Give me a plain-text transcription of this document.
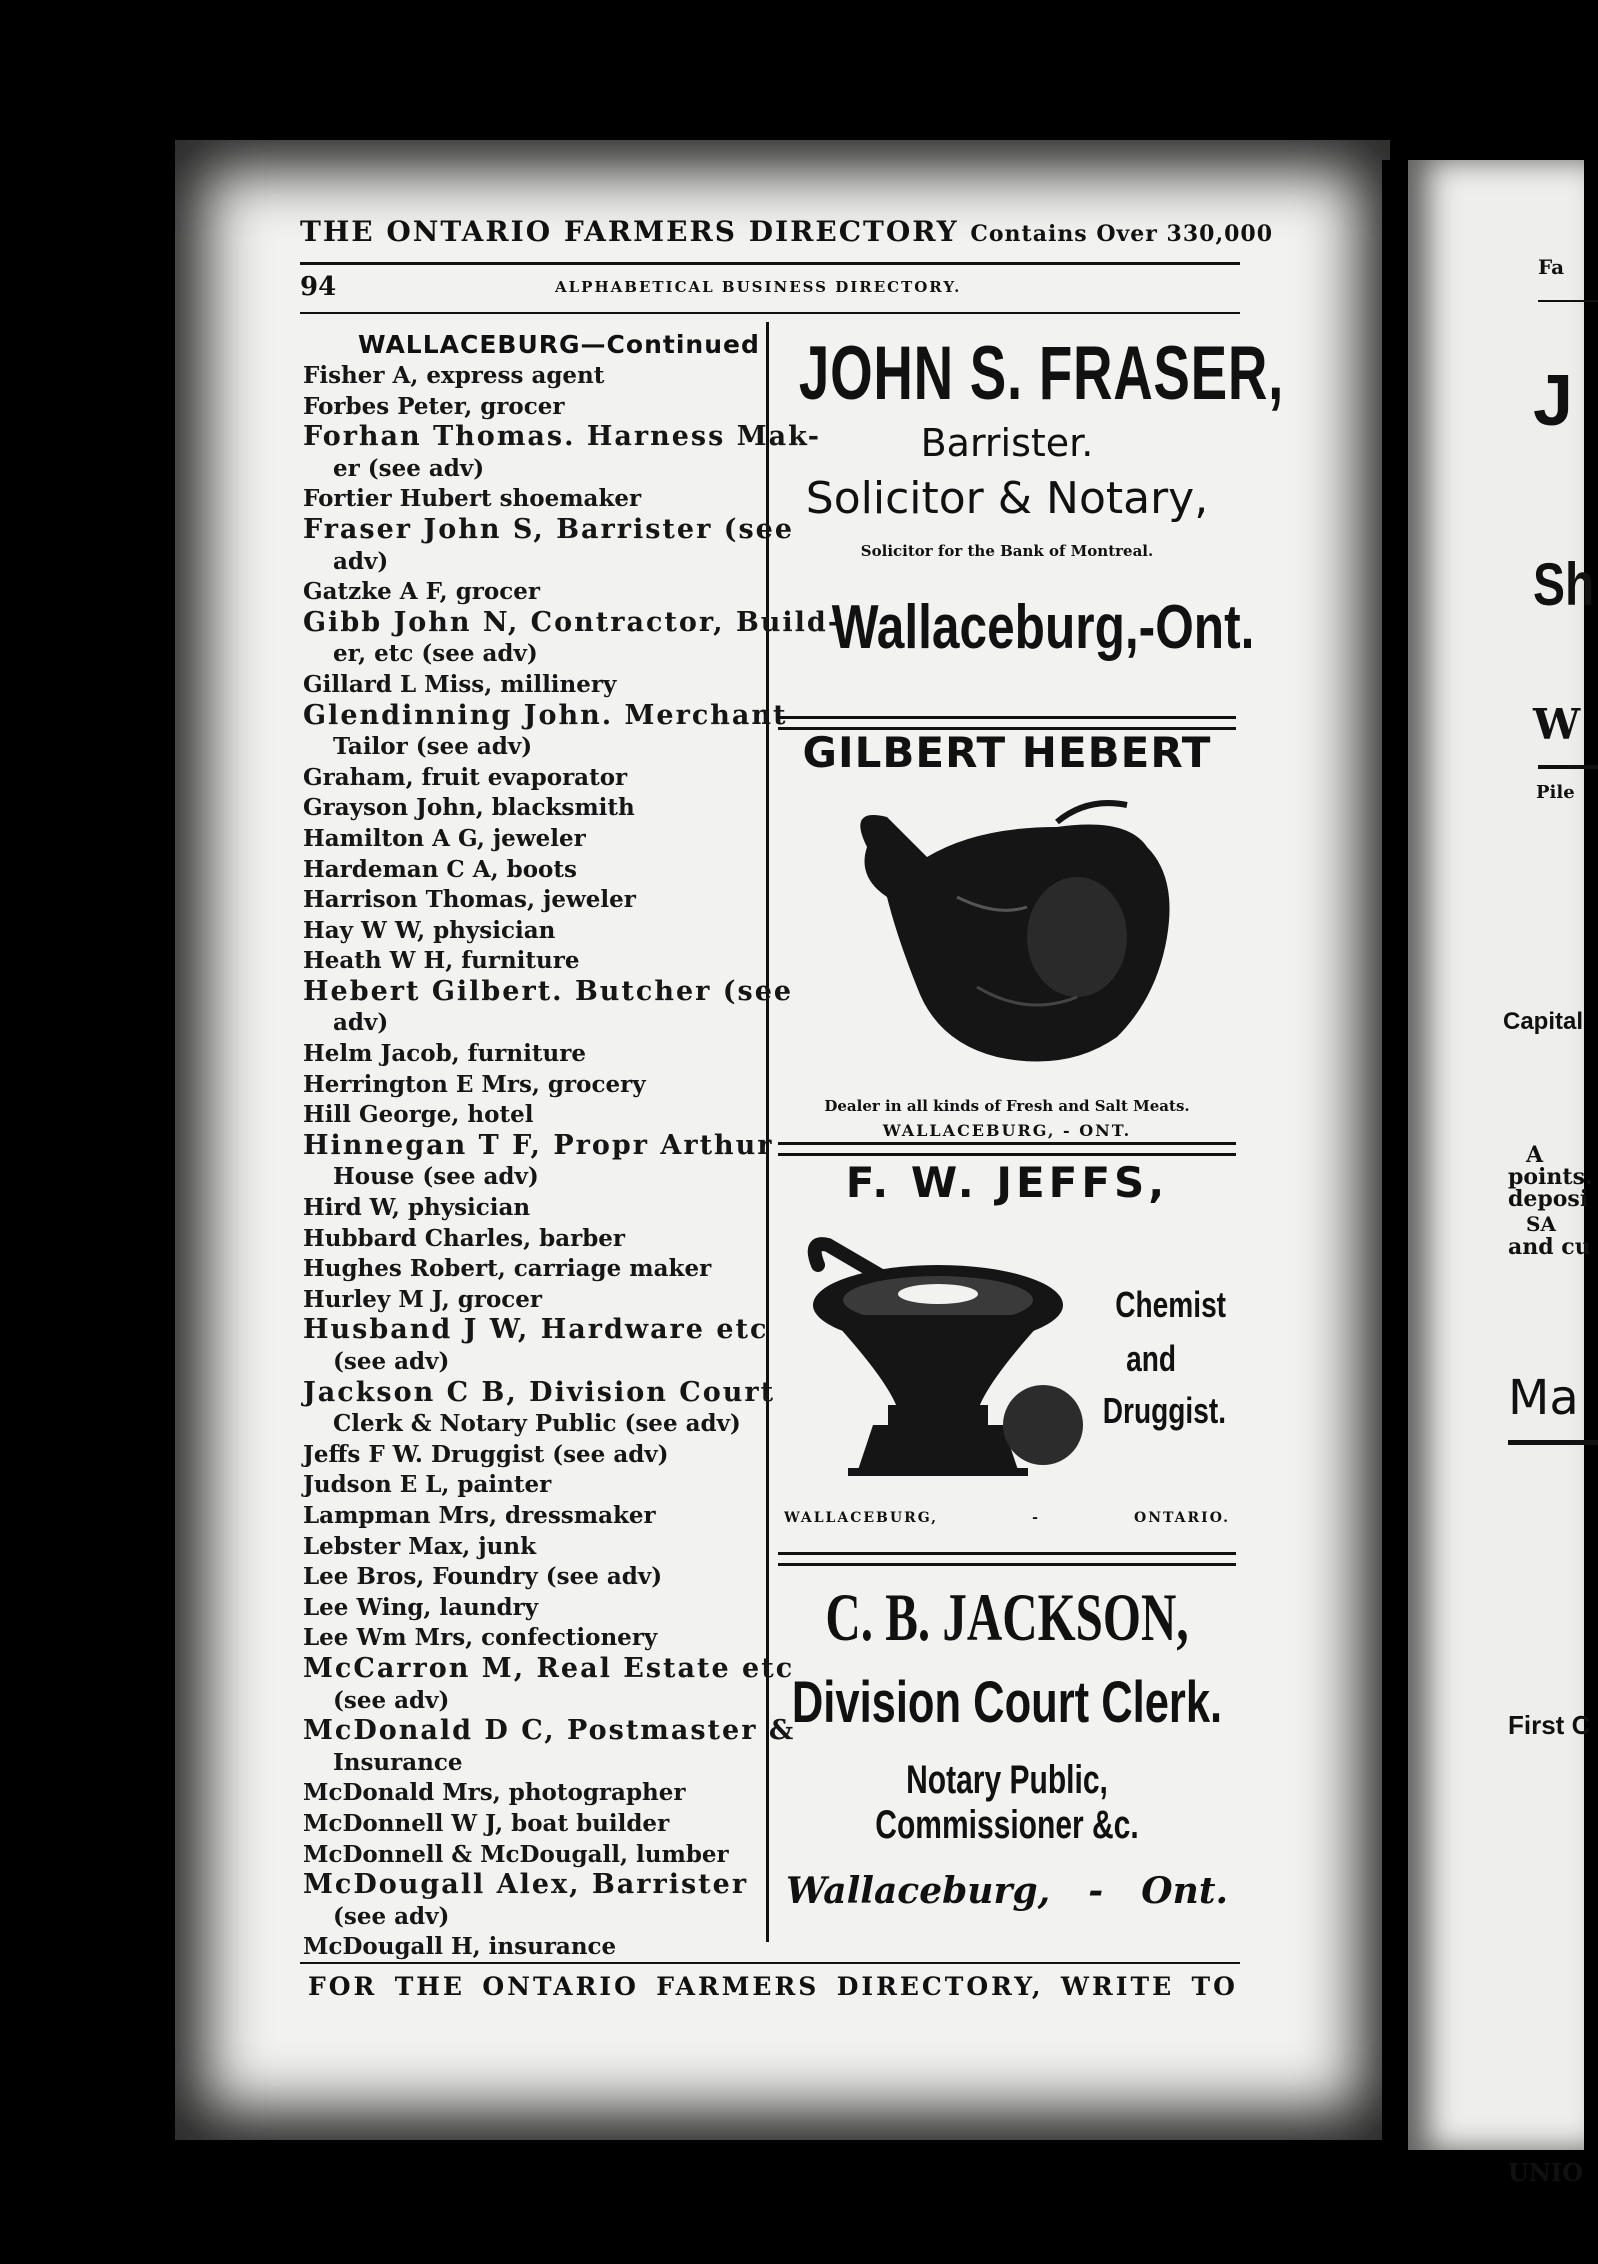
THE ONTARIO FARMERS DIRECTORY Contains Over 330,000
94	ALPHABETICAL BUSINESS DIRECTORY.
WALLACEBURG—Continued
Fisher A, express agent
Forbes Peter, grocer
Forhan Thomas. Harness Mak-
er (see adv)
Fortier Hubert shoemaker
Fraser John S, Barrister (see
adv)
Gatzke A F, grocer
Gibb John N, Contractor, Build-
er, etc (see adv)
Gillard L Miss, millinery
Glendinning John. Merchant
Tailor (see adv)
Graham, fruit evaporator
Grayson John, blacksmith
Hamilton A G, jeweler
Hardeman C A, boots
Harrison Thomas, jeweler
Hay W W, physician
Heath W H, furniture
Hebert Gilbert. Butcher (see
adv)
Helm Jacob, furniture
Herrington E Mrs, grocery
Hill George, hotel
Hinnegan T F, Propr Arthur
House (see adv)
Hird W, physician
Hubbard Charles, barber
Hughes Robert, carriage maker
Hurley M J, grocer
Husband J W, Hardware etc
(see adv)
Jackson C B, Division Court
Clerk & Notary Public (see adv)
Jeffs F W. Druggist (see adv)
Judson E L, painter
Lampman Mrs, dressmaker
Lebster Max, junk
Lee Bros, Foundry (see adv)
Lee Wing, laundry
Lee Wm Mrs, confectionery
McCarron M, Real Estate etc
(see adv)
McDonald D C, Postmaster &
Insurance
McDonald Mrs, photographer
McDonnell W J, boat builder
McDonnell & McDougall, lumber
McDougall Alex, Barrister
(see adv)
McDougall H, insurance
JOHN S. FRASER,
Barrister.
Solicitor & Notary,
Solicitor for the Bank of Montreal.
Wallaceburg, - Ont.
GILBERT HEBERT
Dealer in all kinds of Fresh and Salt Meats.
WALLACEBURG, - ONT.
F. W. JEFFS,
Chemist
and
Druggist.
WALLACEBURG,	-	ONTARIO.
C. B. JACKSON,
Division Court Clerk.
Notary Public,
Commissioner &c.
Wallaceburg, - Ont.
FOR THE ONTARIO FARMERS DIRECTORY, WRITE TO
Fa
J
Sh
W
Pile
Capital
A
points.
deposi
SA
and cu
Ma
First C
UNIO
